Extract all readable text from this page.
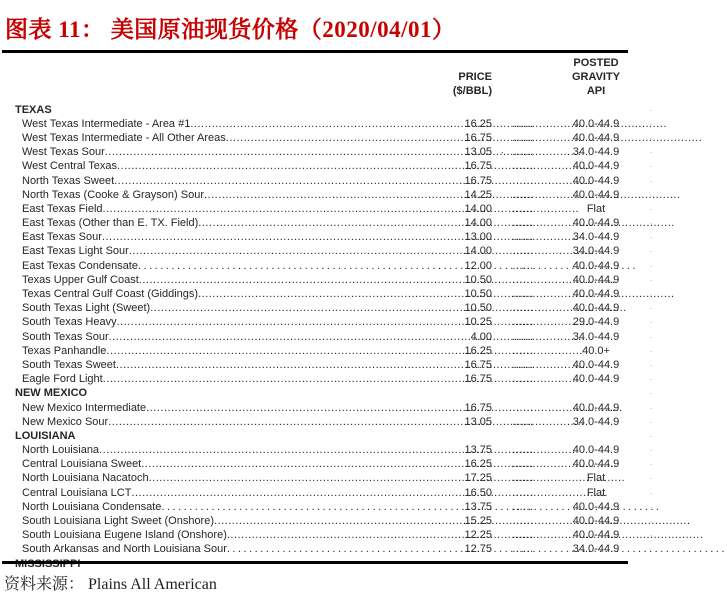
图表 11： 美国原油现货价格（2020/04/01）
POSTED
PRICE	GRAVITY
($/BBL)	API
TEXAS
·
West Texas Intermediate - Area #1 .....	16.25	......	40.0-44.9
·
West Texas Intermediate - All Other Areas .....	16.75	......	40.0-44.9
·
West Texas Sour .....	13.05 · ......	34.0-44.9
·
West Central Texas .....	16.75	......	40.0-44.9
·
North Texas Sweet .....	16.75	......	40.0-44.9
·
North Texas (Cooke & Grayson) Sour .....	14.25	......	40.0-44.9
·
East Texas Field .....	14.00	......	Flat
·
East Texas (Other than E. TX. Field) .....	14.00	......	40.0-44.9
·
East Texas Sour .....	13.00	......	34.0-44.9
·
East Texas Light Sour .....	14.00	......	34.0-44.9
·
East Texas Condensate .....	12.00	......	40.0-44.9
·
Texas Upper Gulf Coast .....	10.50	......	40.0-44.9
·
Texas Central Gulf Coast (Giddings) .....	10.50	......	40.0-44.9
·
South Texas Light (Sweet) .....	10.50	......	40.0-44.9
·
South Texas Heavy .....	10.25	......	29.0-44.9
·
South Texas Sour .....	4.00	......	34.0-44.9
·
Texas Panhandle .....	16.25	......	40.0+
·
South Texas Sweet .....	16.75	......	40.0-44.9
·
Eagle Ford Light .....	16.75	......	40.0-44.9
·
NEW MEXICO
·
New Mexico Intermediate .....	16.75	......	40.0-44.9
·
New Mexico Sour .....	13.05	......	34.0-44.9
·
LOUISIANA
·
North Louisiana .....	13.75	......	40.0-44.9
·
Central Louisiana Sweet .....	16.25	......	40.0-44.9
·
North Louisiana Nacatoch .....	17.25	......	Flat
·
Central Louisiana LCT .....	16.50	......	Flat
·
North Louisiana Condensate .....	13.75	......	40.0-44.9
·
South Louisiana Light Sweet (Onshore) .....	15.25	......	40.0-44.9
·
South Louisiana Eugene Island (Onshore) .....	12.25	......	40.0-44.9
·
South Arkansas and North Louisiana Sour .....	12.75	......	34.0-44.9
·
资料来源： Plains All American
